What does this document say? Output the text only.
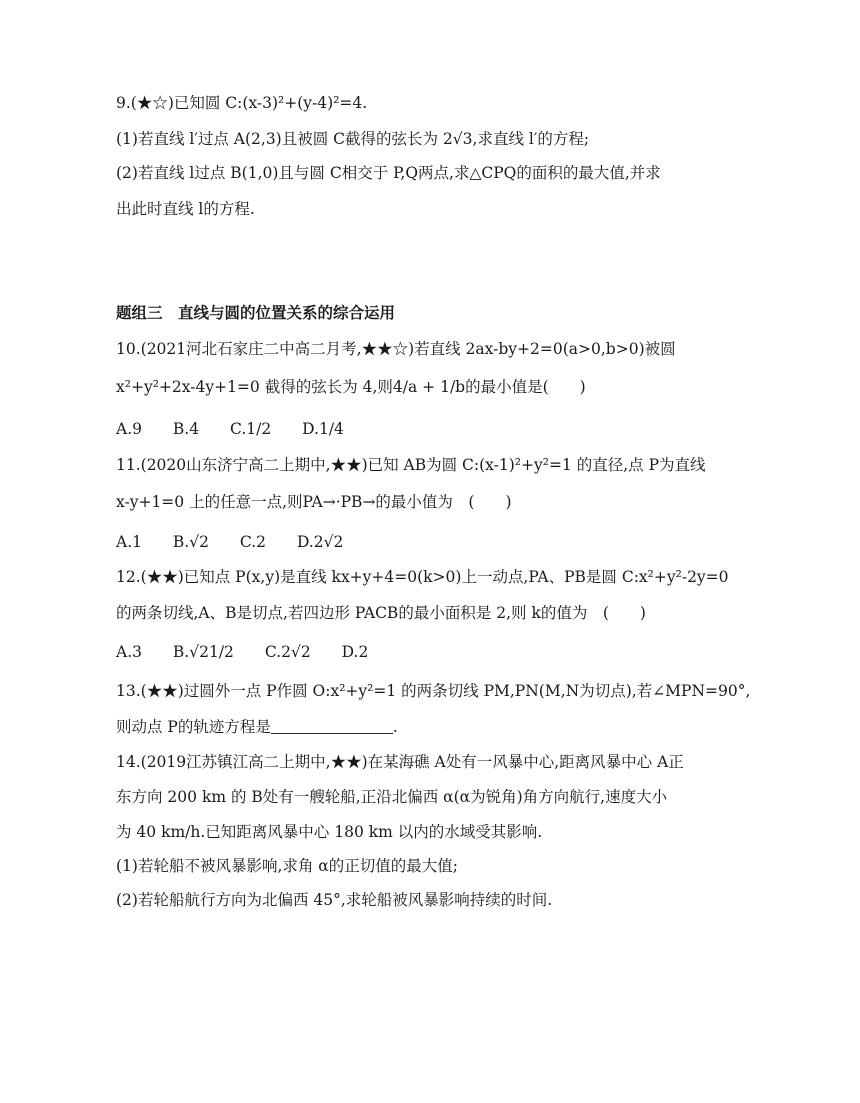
9.(★☆)已知圆 C:(x-3)²+(y-4)²=4.
(1)若直线 l′过点 A(2,3)且被圆 C截得的弦长为 2√3,求直线 l′的方程;
(2)若直线 l过点 B(1,0)且与圆 C相交于 P,Q两点,求△CPQ的面积的最大值,并求
出此时直线 l的方程.
题组三　直线与圆的位置关系的综合运用
10.(2021河北石家庄二中高二月考,★★☆)若直线 2ax-by+2=0(a>0,b>0)被圆
x²+y²+2x-4y+1=0 截得的弦长为 4,则4/a + 1/b的最小值是(　　)
A.9 B.4 C.1/2 D.1/4
11.(2020山东济宁高二上期中,★★)已知 AB为圆 C:(x-1)²+y²=1 的直径,点 P为直线
x-y+1=0 上的任意一点,则PA→·PB→的最小值为　(　　)
A.1 B.√2 C.2 D.2√2
12.(★★)已知点 P(x,y)是直线 kx+y+4=0(k>0)上一动点,PA、PB是圆 C:x²+y²-2y=0
的两条切线,A、B是切点,若四边形 PACB的最小面积是 2,则 k的值为　(　　)
A.3 B.√21/2 C.2√2 D.2
13.(★★)过圆外一点 P作圆 O:x²+y²=1 的两条切线 PM,PN(M,N为切点),若∠MPN=90°,
则动点 P的轨迹方程是	.
14.(2019江苏镇江高二上期中,★★)在某海礁 A处有一风暴中心,距离风暴中心 A正
东方向 200 km 的 B处有一艘轮船,正沿北偏西 α(α为锐角)角方向航行,速度大小
为 40 km/h.已知距离风暴中心 180 km 以内的水域受其影响.
(1)若轮船不被风暴影响,求角 α的正切值的最大值;
(2)若轮船航行方向为北偏西 45°,求轮船被风暴影响持续的时间.
